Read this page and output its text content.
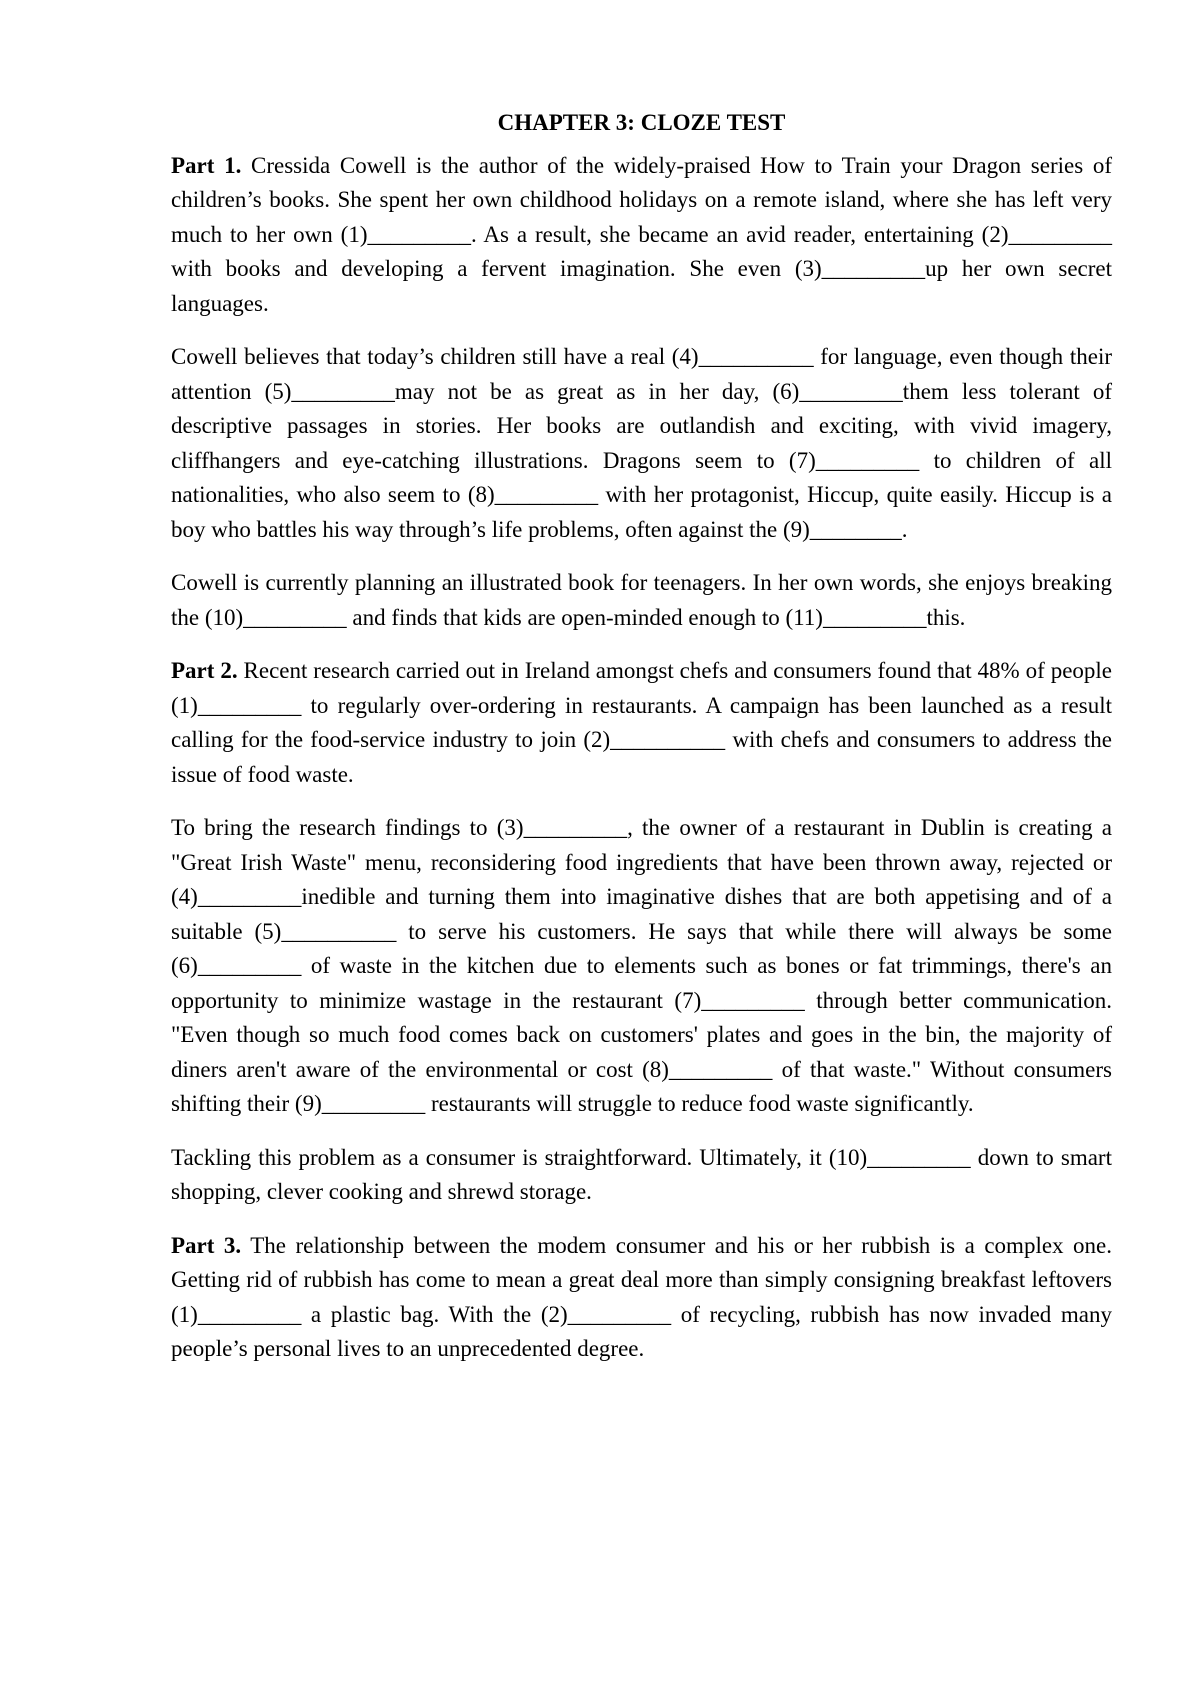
CHAPTER 3: CLOZE TEST

Part 1. Cressida Cowell is the author of the widely-praised How to Train your Dragon series of children’s books. She spent her own childhood holidays on a remote island, where she has left very much to her own (1)_________. As a result, she became an avid reader, entertaining (2)_________ with books and developing a fervent imagination. She even (3)_________up her own secret languages.

Cowell believes that today’s children still have a real (4)__________ for language, even though their attention (5)_________may not be as great as in her day, (6)_________them less tolerant of descriptive passages in stories. Her books are outlandish and exciting, with vivid imagery, cliffhangers and eye-catching illustrations. Dragons seem to (7)_________ to children of all nationalities, who also seem to (8)_________ with her protagonist, Hiccup, quite easily. Hiccup is a boy who battles his way through’s life problems, often against the (9)________.

Cowell is currently planning an illustrated book for teenagers. In her own words, she enjoys breaking the (10)_________ and finds that kids are open-minded enough to (11)_________this.

Part 2. Recent research carried out in Ireland amongst chefs and consumers found that 48% of people (1)_________ to regularly over-ordering in restaurants. A campaign has been launched as a result calling for the food-service industry to join (2)__________ with chefs and consumers to address the issue of food waste.

To bring the research findings to (3)_________, the owner of a restaurant in Dublin is creating a "Great Irish Waste" menu, reconsidering food ingredients that have been thrown away, rejected or (4)_________inedible and turning them into imaginative dishes that are both appetising and of a suitable (5)__________ to serve his customers. He says that while there will always be some (6)_________ of waste in the kitchen due to elements such as bones or fat trimmings, there's an opportunity to minimize wastage in the restaurant (7)_________ through better communication. "Even though so much food comes back on customers' plates and goes in the bin, the majority of diners aren't aware of the environmental or cost (8)_________ of that waste." Without consumers shifting their (9)_________ restaurants will struggle to reduce food waste significantly.

Tackling this problem as a consumer is straightforward. Ultimately, it (10)_________ down to smart shopping, clever cooking and shrewd storage.

Part 3. The relationship between the modem consumer and his or her rubbish is a complex one. Getting rid of rubbish has come to mean a great deal more than simply consigning breakfast leftovers (1)_________ a plastic bag. With the (2)_________ of recycling, rubbish has now invaded many people’s personal lives to an unprecedented degree.
